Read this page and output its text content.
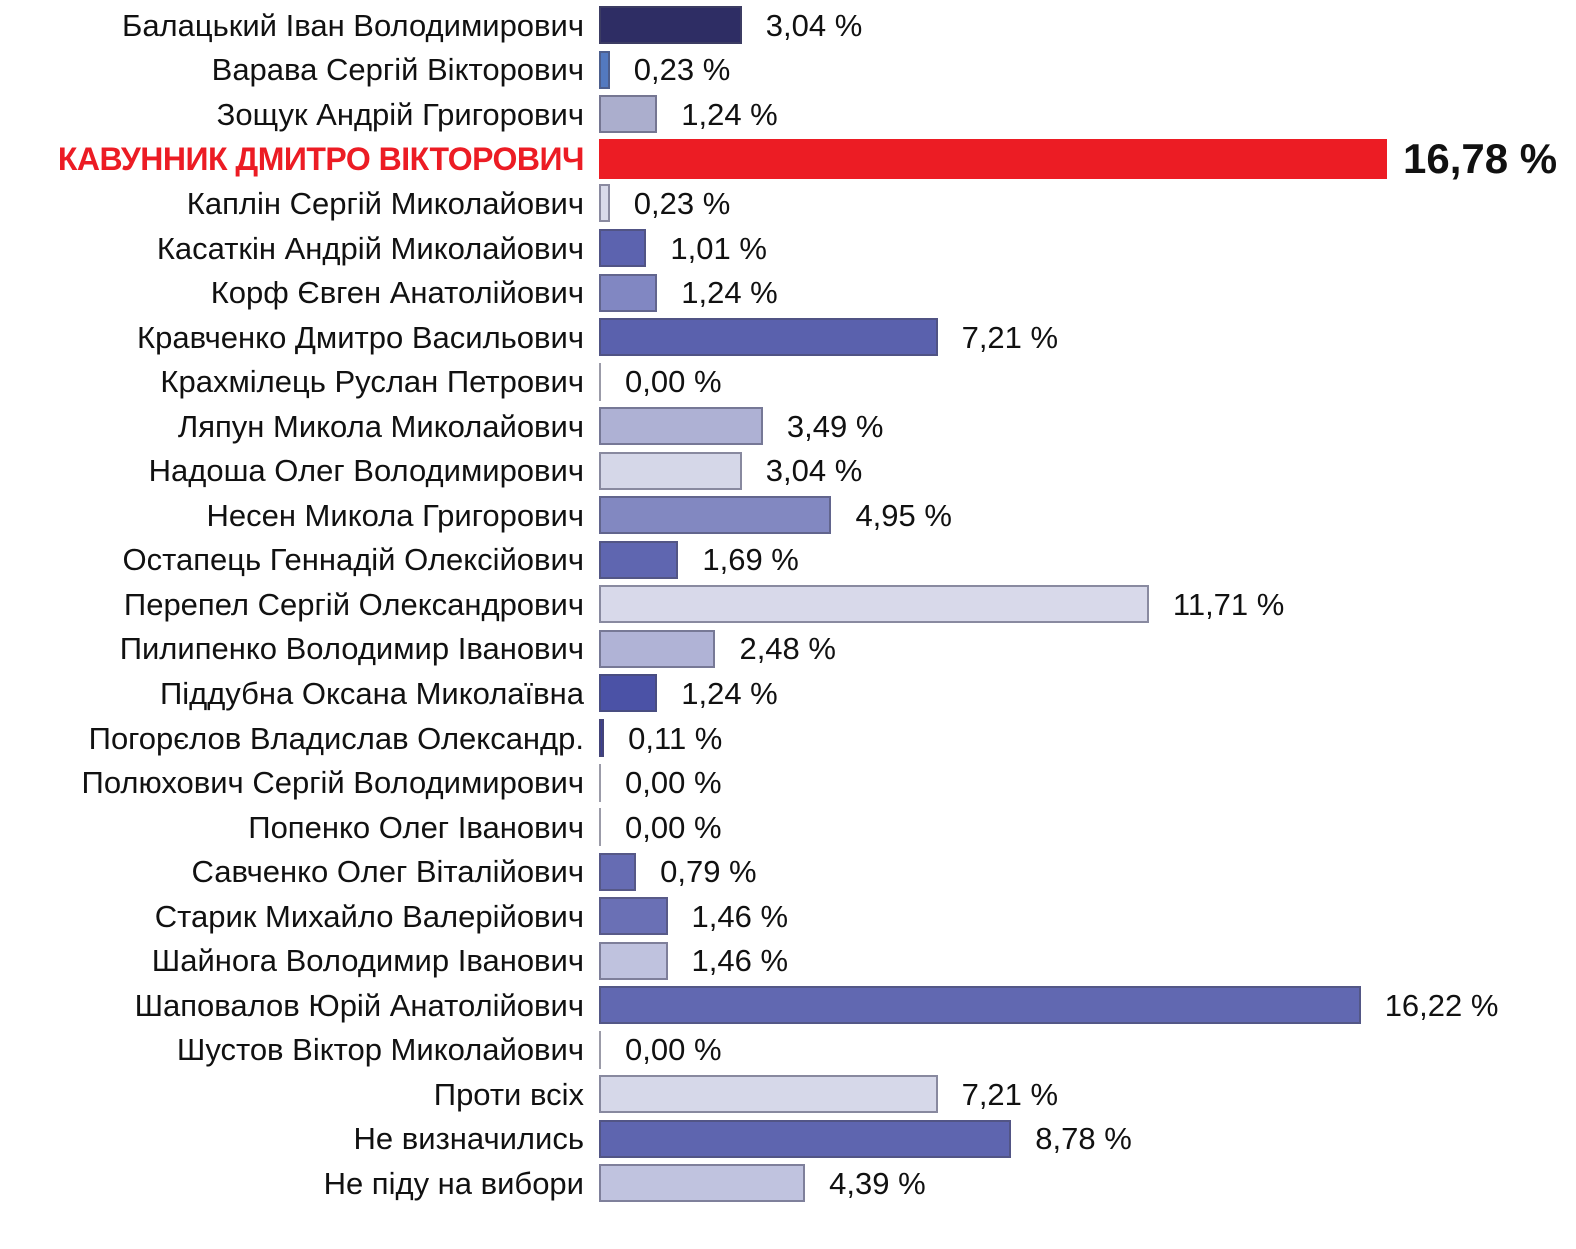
Балацький Іван Володимирович	3,04 %
Варава Сергій Вікторович	0,23 %
Зощук Андрій Григорович	1,24 %
КАВУННИК ДМИТРО ВІКТОРОВИЧ	16,78 %
Каплін Сергій Миколайович	0,23 %
Касаткін Андрій Миколайович	1,01 %
Корф Євген Анатолійович	1,24 %
Кравченко Дмитро Васильович	7,21 %
Крахмілець Руслан Петрович	0,00 %
Ляпун Микола Миколайович	3,49 %
Надоша Олег Володимирович	3,04 %
Несен Микола Григорович	4,95 %
Остапець Геннадій Олексійович	1,69 %
Перепел Сергій Олександрович	11,71 %
Пилипенко Володимир Іванович	2,48 %
Піддубна Оксана Миколаївна	1,24 %
Погорєлов Владислав Олександр.	0,11 %
Полюхович Сергій Володимирович	0,00 %
Попенко Олег Іванович	0,00 %
Савченко Олег Віталійович	0,79 %
Старик Михайло Валерійович	1,46 %
Шайнога Володимир Іванович	1,46 %
Шаповалов Юрій Анатолійович	16,22 %
Шустов Віктор Миколайович	0,00 %
Проти всіх	7,21 %
Не визначились	8,78 %
Не піду на вибори	4,39 %
